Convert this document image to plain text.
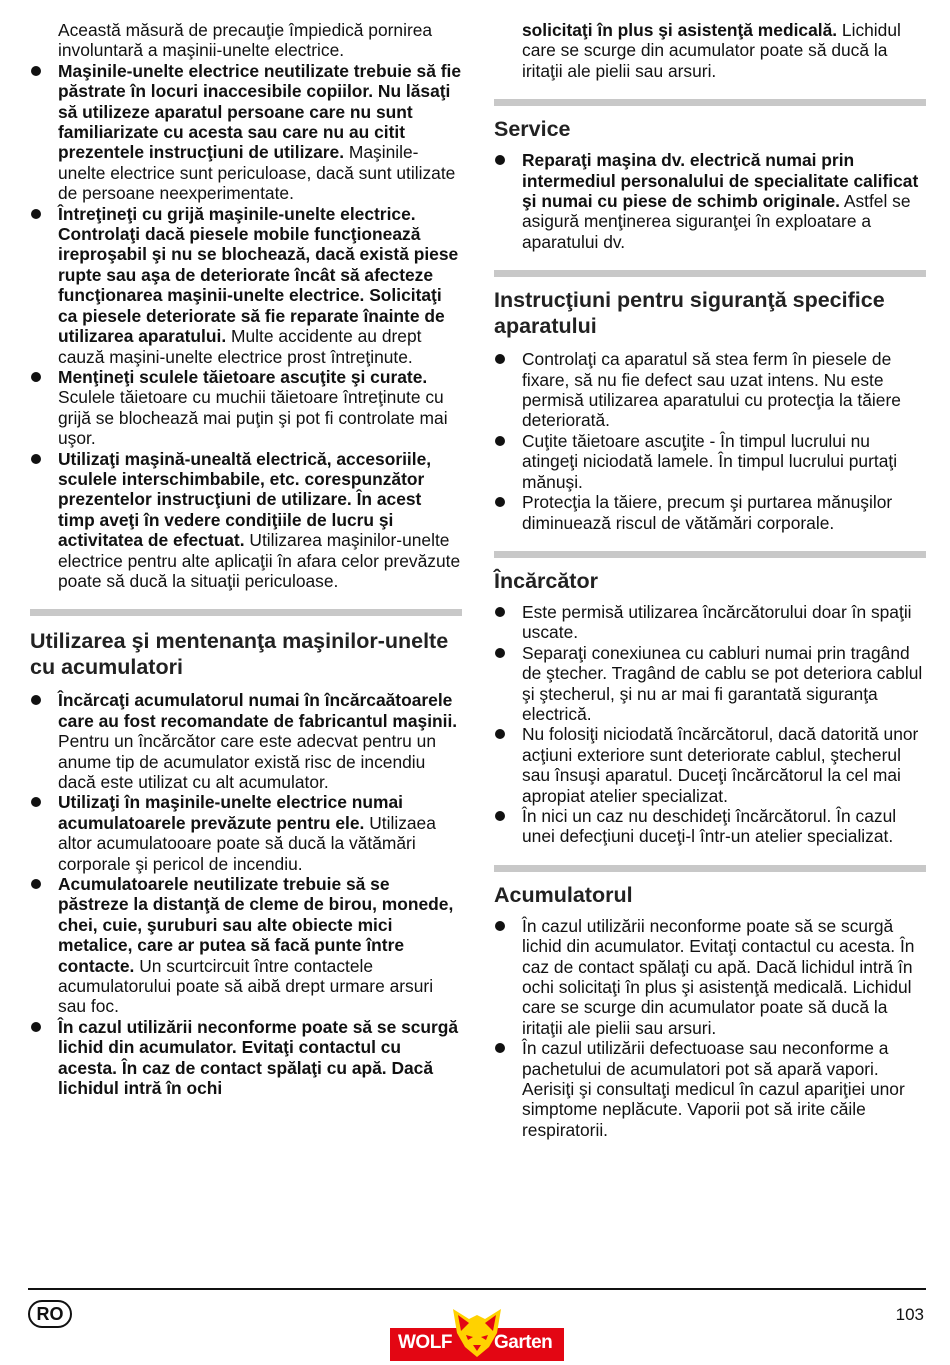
Această măsură de precauţie împiedică pornirea involuntară a maşinii-unelte electrice.

Maşinile-unelte electrice neutilizate trebuie să fie păstrate în locuri inaccesibile copiilor. Nu lăsaţi să utilizeze aparatul persoane care nu sunt familiarizate cu acesta sau care nu au citit prezentele instrucţiuni de utilizare. Maşinile-unelte electrice sunt periculoase, dacă sunt utilizate de persoane neexperimentate.

Întreţineţi cu grijă maşinile-unelte electrice. Controlaţi dacă piesele mobile funcţionează ireproşabil şi nu se blochează, dacă există piese rupte sau aşa de deteriorate încât să afecteze funcţionarea maşinii-unelte electrice. Solicitaţi ca piesele deteriorate să fie reparate înainte de utilizarea aparatului. Multe accidente au drept cauză maşini-unelte electrice prost întreţinute.

Menţineţi sculele tăietoare ascuţite şi curate. Sculele tăietoare cu muchii tăietoare întreţinute cu grijă se blochează mai puţin şi pot fi controlate mai uşor.

Utilizaţi maşină-unealtă electrică, accesoriile, sculele interschimbabile, etc. corespunzător prezentelor instrucţiuni de utilizare. În acest timp aveţi în vedere condiţiile de lucru şi activitatea de efectuat. Utilizarea maşinilor-unelte electrice pentru alte aplicaţii în afara celor prevăzute poate să ducă la situaţii periculoase.

Utilizarea şi mentenanţa maşinilor-unelte cu acumulatori

Încărcaţi acumulatorul numai în încărcaătoarele care au fost recomandate de fabricantul maşinii. Pentru un încărcător care este adecvat pentru un anume tip de acumulator există risc de incendiu dacă este utilizat cu alt acumulator.

Utilizaţi în maşinile-unelte electrice numai acumulatoarele prevăzute pentru ele. Utilizaea altor acumulatooare poate să ducă la vătămări corporale şi pericol de incendiu.

Acumulatoarele neutilizate trebuie să se păstreze la distanţă de cleme de birou, monede, chei, cuie, şuruburi sau alte obiecte mici metalice, care ar putea să facă punte între contacte. Un scurtcircuit între contactele acumulatorului poate să aibă drept urmare arsuri sau foc.

În cazul utilizării neconforme poate să se scurgă lichid din acumulator. Evitaţi contactul cu acesta. În caz de contact spălaţi cu apă. Dacă lichidul intră în ochi

solicitaţi în plus şi asistenţă medicală. Lichidul care se scurge din acumulator poate să ducă la iritaţii ale pielii sau arsuri.

Service

Reparaţi maşina dv. electrică numai prin intermediul personalului de specialitate calificat şi numai cu piese de schimb originale. Astfel se asigură menţinerea siguranţei în exploatare a aparatului dv.

Instrucţiuni pentru siguranţă specifice aparatului

Controlaţi ca aparatul să stea ferm în piesele de fixare, să nu fie defect sau uzat intens. Nu este permisă utilizarea aparatului cu protecţia la tăiere deteriorată.

Cuţite tăietoare ascuţite - În timpul lucrului nu atingeţi niciodată lamele. În timpul lucrului purtaţi mănuşi.

Protecţia la tăiere, precum şi purtarea mănuşilor diminuează riscul de vătămări corporale.

Încărcător

Este permisă utilizarea încărcătorului doar în spaţii uscate.

Separaţi conexiunea cu cabluri numai prin tragând de ştecher. Tragând de cablu se pot deteriora cablul şi ştecherul, şi nu ar mai fi garantată siguranţa electrică.

Nu folosiţi niciodată încărcătorul, dacă datorită unor acţiuni exteriore sunt deteriorate cablul, ştecherul sau însuşi aparatul. Duceţi încărcătorul la cel mai apropiat atelier specializat.

În nici un caz nu deschideţi încărcătorul. În cazul unei defecţiuni duceţi-l într-un atelier specializat.

Acumulatorul

În cazul utilizării neconforme poate să se scurgă lichid din acumulator. Evitaţi contactul cu acesta. În caz de contact spălaţi cu apă. Dacă lichidul intră în ochi solicitaţi în plus şi asistenţă medicală. Lichidul care se scurge din acumulator poate să ducă la iritaţii ale pielii sau arsuri.

În cazul utilizării defectuoase sau neconforme a pachetului de acumulatori pot să apară vapori. Aerisiţi şi consultaţi medicul în cazul apariţiei unor simptome neplăcute. Vaporii pot să irite căile respiratorii.

RO	103
WOLF Garten
